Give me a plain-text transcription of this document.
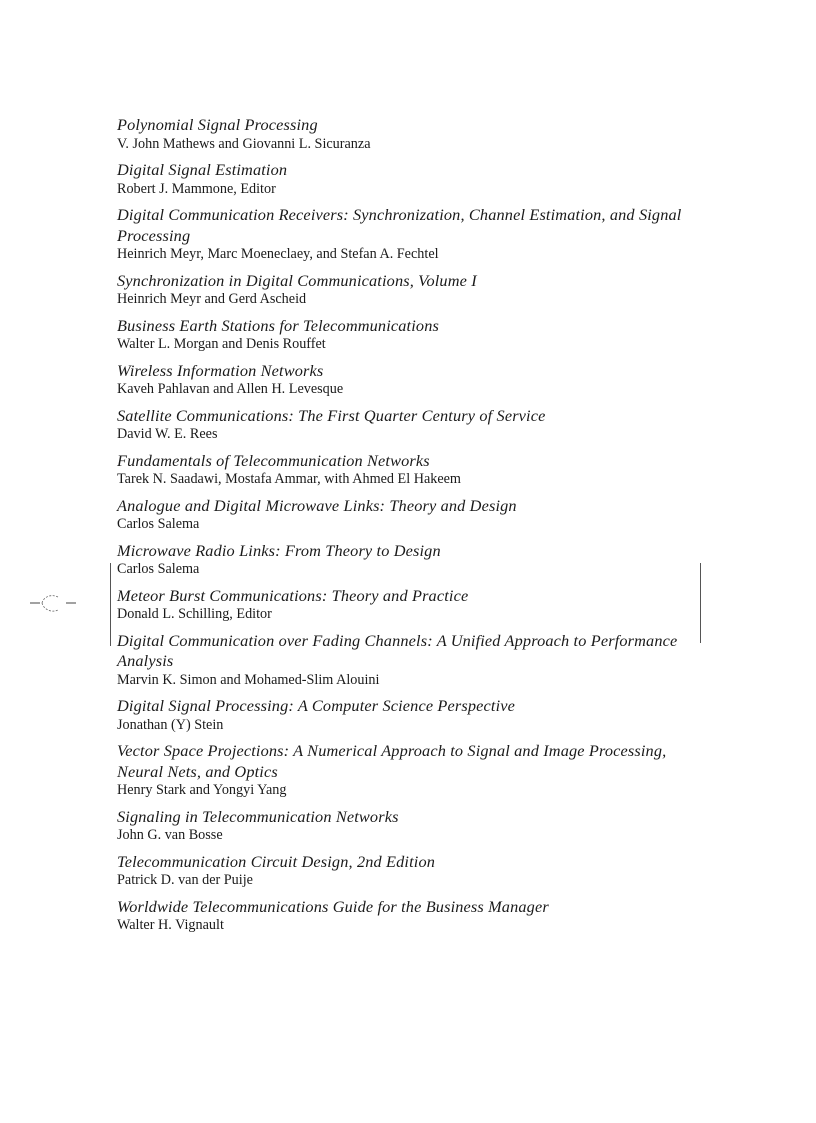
Polynomial Signal Processing
V. John Mathews and Giovanni L. Sicuranza
Digital Signal Estimation
Robert J. Mammone, Editor
Digital Communication Receivers: Synchronization, Channel Estimation, and Signal Processing
Heinrich Meyr, Marc Moeneclaey, and Stefan A. Fechtel
Synchronization in Digital Communications, Volume I
Heinrich Meyr and Gerd Ascheid
Business Earth Stations for Telecommunications
Walter L. Morgan and Denis Rouffet
Wireless Information Networks
Kaveh Pahlavan and Allen H. Levesque
Satellite Communications: The First Quarter Century of Service
David W. E. Rees
Fundamentals of Telecommunication Networks
Tarek N. Saadawi, Mostafa Ammar, with Ahmed El Hakeem
Analogue and Digital Microwave Links: Theory and Design
Carlos Salema
Microwave Radio Links: From Theory to Design
Carlos Salema
Meteor Burst Communications: Theory and Practice
Donald L. Schilling, Editor
Digital Communication over Fading Channels: A Unified Approach to Performance Analysis
Marvin K. Simon and Mohamed-Slim Alouini
Digital Signal Processing: A Computer Science Perspective
Jonathan (Y) Stein
Vector Space Projections: A Numerical Approach to Signal and Image Processing, Neural Nets, and Optics
Henry Stark and Yongyi Yang
Signaling in Telecommunication Networks
John G. van Bosse
Telecommunication Circuit Design, 2nd Edition
Patrick D. van der Puije
Worldwide Telecommunications Guide for the Business Manager
Walter H. Vignault
